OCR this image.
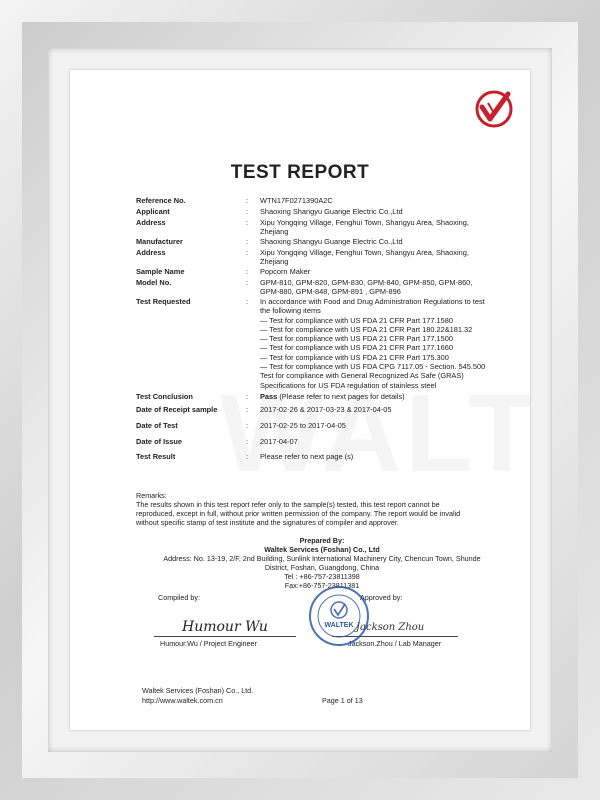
TEST REPORT
Reference No.	: WTN17F0271390A2C
Applicant	: Shaoxing Shangyu Guange Electric Co.,Ltd
Address	: Xipu Yongqing Village, Fenghui Town, Shangyu Area, Shaoxing,
Zhejiang
Manufacturer	: Shaoxing Shangyu Guange Electric Co.,Ltd
Address	: Xipu Yongqing Village, Fenghui Town, Shangyu Area, Shaoxing,
Zhejiang
Sample Name	: Popcorn Maker
Model No.	: GPM-810, GPM-820, GPM-830, GPM-840, GPM-850, GPM-860,
GPM-880, GPM-848, GPM-891 , GPM-896
Test Requested	: In accordance with Food and Drug Administration Regulations to test
the following items
— Test for compliance with US FDA 21 CFR Part 177.1580
— Test for compliance with US FDA 21 CFR Part 180.22&181.32
— Test for compliance with US FDA 21 CFR Part 177.1500
— Test for compliance with US FDA 21 CFR Part 177.1660
— Test for compliance with US FDA 21 CFR Part 175.300
— Test for compliance with US FDA CPG 7117.05 - Section. 545.500
Test for compliance with General Recognized As Safe (GRAS)
Specifications for US FDA regulation of stainless steel
Test Conclusion	: Pass (Please refer to next pages for details)
Date of Receipt sample	: 2017-02-26 & 2017-03-23 & 2017-04-05
Date of Test	: 2017-02-25 to 2017-04-05
Date of Issue	: 2017-04-07
Test Result	: Please refer to next page (s)
Remarks:
The results shown in this test report refer only to the sample(s) tested, this test report cannot be
reproduced, except in full, without prior written permission of the company. The report would be invalid
without specific stamp of test institute and the signatures of compiler and approver.
Prepared By:
Waltek Services (Foshan) Co., Ltd
Address: No. 13-19, 2/F, 2nd Building, Sunlink International Machinery City, Chencun Town, Shunde
District, Foshan, Guangdong, China
Tel : +86-757-23811398
Fax:+86-757-23811381
Compiled by:	Approved by:
Humour Wu	Jackson Zhou
Humour.Wu / Project Engineer	Jackson.Zhou / Lab Manager
WALTEK
Waltek Services (Foshan) Co., Ltd.
http://www.waltek.com.cn	Page 1 of 13
